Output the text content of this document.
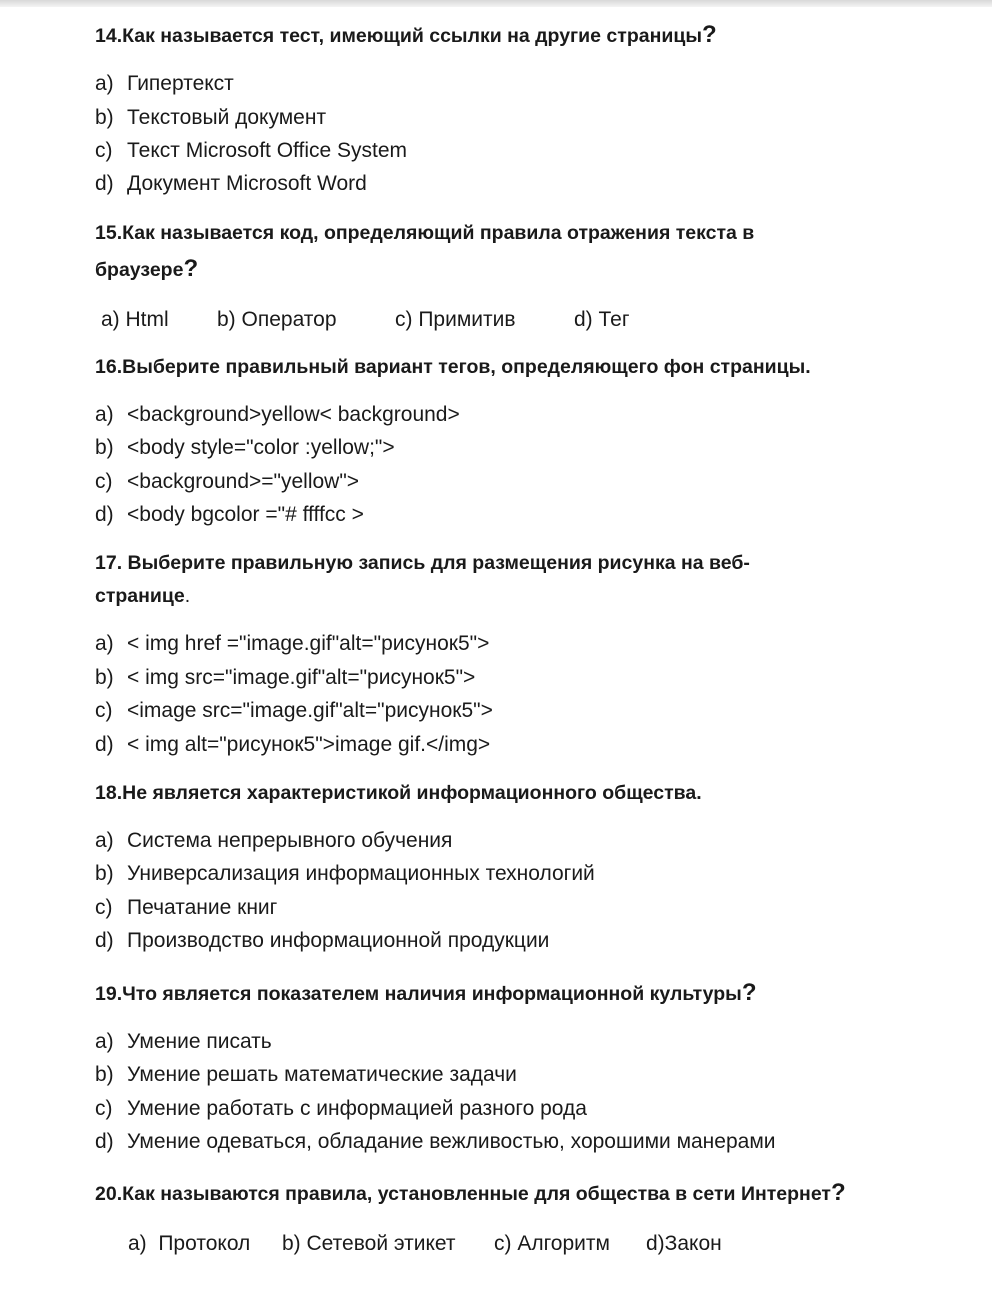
14.Как называется тест, имеющий ссылки на другие страницы?
a) Гипертекст
b) Текстовый документ
c) Текст Microsoft Office System
d) Документ Microsoft Word
15.Как называется код, определяющий правила отражения текста в
браузере?
a) Html b) Оператор	c) Примитив	d) Тег
16.Выберите правильный вариант тегов, определяющего фон страницы.
a) <background>yellow< background>
b) <body style="color :yellow;">
c) <background>="yellow">
d) <body bgcolor ="# ffffcc >
17. Выберите правильную запись для размещения рисунка на веб-
странице.
a) < img href ="image.gif"alt="рисунок5">
b) < img src="image.gif"alt="рисунок5">
c) <image src="image.gif"alt="рисунок5">
d) < img alt="рисунок5">image gif.</img>
18.Не является характеристикой информационного общества.
a) Система непрерывного обучения
b) Универсализация информационных технологий
c) Печатание книг
d) Производство информационной продукции
19.Что является показателем наличия информационной культуры?
a) Умение писать
b) Умение решать математические задачи
c) Умение работать с информацией разного рода
d) Умение одеваться, обладание вежливостью, хорошими манерами
20.Как называются правила, установленные для общества в сети Интернет?
a)  Протокол b) Сетевой этикет c) Алгоритм d)Закон
